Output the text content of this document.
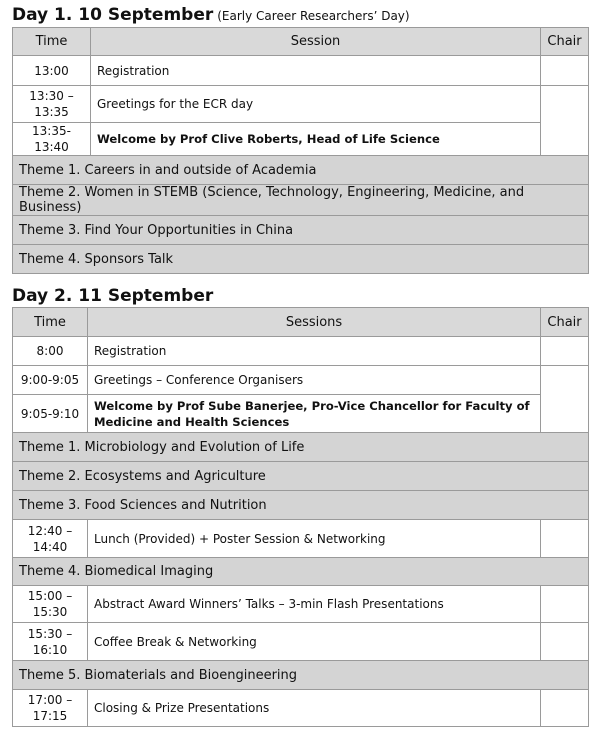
Day 1. 10 September (Early Career Researchers’ Day)
Time	Session	Chair
13:00	Registration	
13:30 – 13:35	Greetings for the ECR day	
13:35-13:40	Welcome by Prof Clive Roberts, Head of Life Science	
Theme 1. Careers in and outside of Academia		
Theme 2. Women in STEMB (Science, Technology, Engineering, Medicine, and Business)		
Theme 3. Find Your Opportunities in China		
Theme 4. Sponsors Talk		
Day 2. 11 September
Time	Sessions	Chair
8:00	Registration	
9:00-9:05	Greetings – Conference Organisers	
9:05-9:10	Welcome by Prof Sube Banerjee, Pro-Vice Chancellor for Faculty of Medicine and Health Sciences	
Theme 1. Microbiology and Evolution of Life		
Theme 2. Ecosystems and Agriculture		
Theme 3. Food Sciences and Nutrition		
12:40 – 14:40	Lunch (Provided) + Poster Session & Networking	
Theme 4. Biomedical Imaging		
15:00 – 15:30	Abstract Award Winners’ Talks – 3-min Flash Presentations	
15:30 – 16:10	Coffee Break & Networking	
Theme 5. Biomaterials and Bioengineering		
17:00 – 17:15	Closing & Prize Presentations	
